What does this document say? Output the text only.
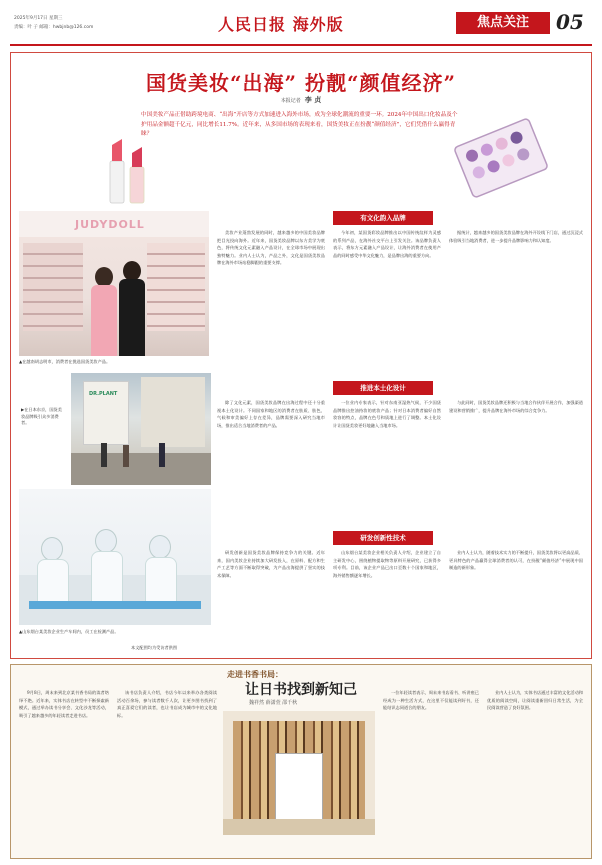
2025年9月17日 星期三
责编：叶 子 邮箱：hwbjnb@126.com	人民日报 海外版	焦点关注	05
国货美妆“出海” 扮靓“颜值经济”
本报记者 李 贞
中国美妆产品正借助跨境电商、“出海”开店等方式加速进入海外市场，成为全球化潮流的重要一环。2024年中国出口化妆品及个护用品金额超千亿元，同比增长11.7%。近年来，从多国市场的表现来看，国货美妆正在扮靓“颜值经济”，它们凭借什么赢得青睐？
JUDYDOLL
▲在越南胡志明市，消费者在挑选国货美妆产品。
有文化韵入品牌

美妆产业蓬勃发展的同时，越来越多的中国美妆品牌把目光投向海外。近年来，国货美妆品牌以东方美学为底色，将传统文化元素融入产品设计，在全球市场中展现出独特魅力。业内人士认为，产品之外，文化是国货美妆品牌在海外市场站稳脚跟的重要支撑。

今年初，某国货彩妆品牌推出以中国传统纹样为灵感的系列产品，在海外社交平台上引发关注。该品牌负责人表示，将东方元素融入产品设计，让海外消费者在使用产品的同时感受中华文化魅力，是品牌出海的重要方向。

据统计，越来越多的国货美妆品牌在海外开设线下门店，通过沉浸式体验吸引当地消费者，进一步提升品牌影响力和认知度。

DR.PLANT
▶在日本东京，国货美妆品牌吸引众多消费者。
推进本土化设计

除了文化元素，国货美妆品牌在出海过程中还十分重视本土化设计。不同国家和地区的消费者在肤质、肤色、气候和审美偏好上存在差异，品牌需要深入研究当地市场，推出适合当地消费者的产品。

一位业内专家表示，针对东南亚湿热气候，不少国货品牌推出控油持妆的底妆产品；针对日本消费者偏好自然妆容的特点，品牌在色号和质地上进行了调整。本土化设计让国货美妆更好地融入当地市场。

与此同时，国货美妆品牌还积极与当地合作伙伴开展合作，加强渠道建设和营销推广，提升品牌在海外市场的综合竞争力。

▲山东烟台某美妆企业生产车间内，员工在检测产品。
本文配图均为受访者供图
研发创新性技术

研发创新是国货美妆品牌保持竞争力的关键。近年来，国内美妆企业持续加大研发投入，在原料、配方和生产工艺等方面不断取得突破，为产品出海提供了坚实的技术保障。

山东烟台某美妆企业相关负责人介绍，企业建立了自主研发中心，围绕植物提取物等原料开展研究，已获得多项专利。目前，该企业产品已出口至数十个国家和地区，海外销售额逐年增长。

业内人士认为，随着技术实力的不断提升，国货美妆将以更高品质、更具特色的产品赢得全球消费者的认可，在扮靓“颜值经济”中展现中国制造的新形象。

走进书香书局：
让日书找到新知己
魏祥然 薛潇萱 邵千秋

9月8日，周末来到北京某书香书局的读者络绎不绝。近年来，实体书店在转型中不断探索新模式，通过举办读书分享会、文化沙龙等活动，吸引了越来越多的年轻读者走进书店。

该书店负责人介绍，书店今年以来举办各类阅读活动百余场，参与读者数千人次，让更多图书找到了真正喜爱它们的读者，也让书店成为城市中的文化地标。

一位年轻读者表示，周末来书店看书、听讲座已经成为一种生活方式，在这里不仅能读到好书，还能结识志同道合的朋友。

业内人士认为，实体书店通过丰富的文化活动和优质的阅读空间，让阅读重新回归日常生活，为全民阅读营造了良好氛围。
